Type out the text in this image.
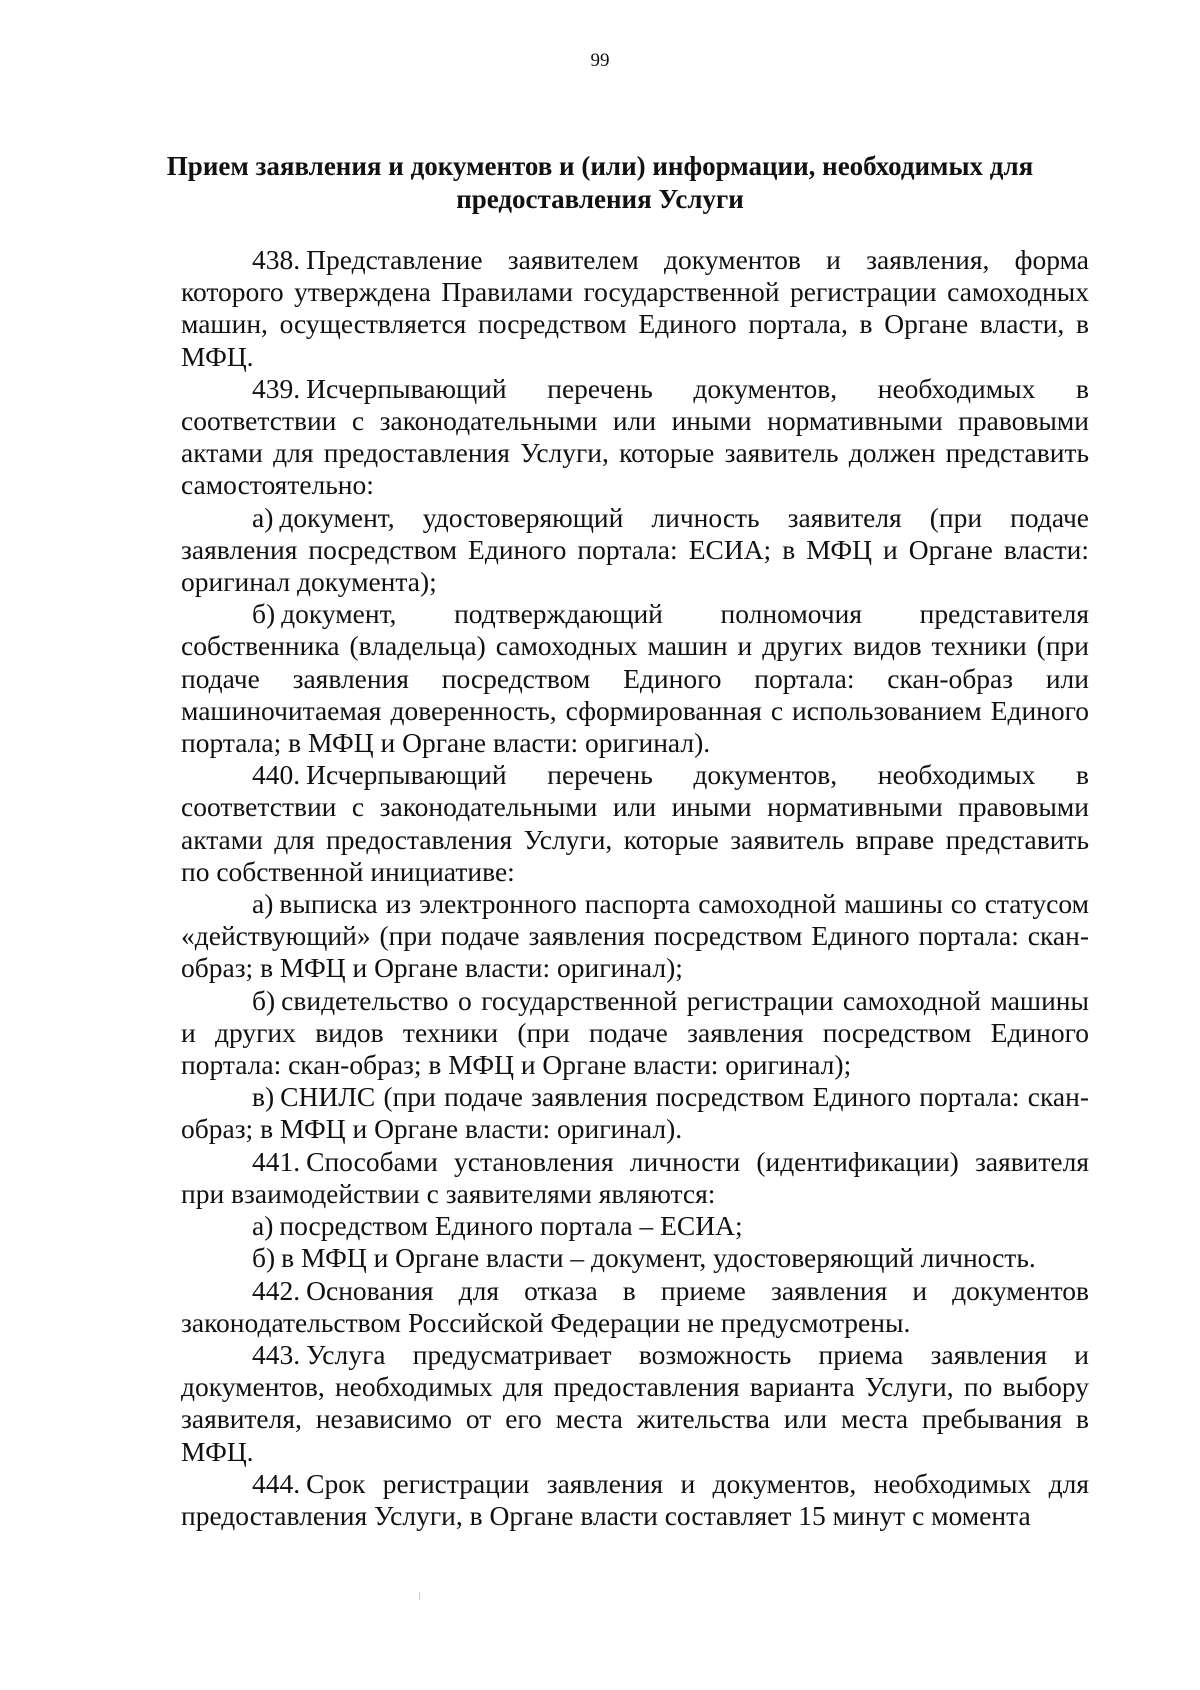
99
Прием заявления и документов и (или) информации, необходимых для предоставления Услуги

438. Представление заявителем документов и заявления, форма которого утверждена Правилами государственной регистрации самоходных машин, осуществляется посредством Единого портала, в Органе власти, в МФЦ.

439. Исчерпывающий перечень документов, необходимых в соответствии с законодательными или иными нормативными правовыми актами для предоставления Услуги, которые заявитель должен представить самостоятельно:

а) документ, удостоверяющий личность заявителя (при подаче заявления посредством Единого портала: ЕСИА; в МФЦ и Органе власти: оригинал документа);

б) документ, подтверждающий полномочия представителя собственника (владельца) самоходных машин и других видов техники (при подаче заявления посредством Единого портала: скан-образ или машиночитаемая доверенность, сформированная с использованием Единого портала; в МФЦ и Органе власти: оригинал).

440. Исчерпывающий перечень документов, необходимых в соответствии с законодательными или иными нормативными правовыми актами для предоставления Услуги, которые заявитель вправе представить по собственной инициативе:

а) выписка из электронного паспорта самоходной машины со статусом «действующий» (при подаче заявления посредством Единого портала: скан-образ; в МФЦ и Органе власти: оригинал);

б) свидетельство о государственной регистрации самоходной машины и других видов техники (при подаче заявления посредством Единого портала: скан-образ; в МФЦ и Органе власти: оригинал);

в) СНИЛС (при подаче заявления посредством Единого портала: скан-образ; в МФЦ и Органе власти: оригинал).

441. Способами установления личности (идентификации) заявителя при взаимодействии с заявителями являются:

а) посредством Единого портала – ЕСИА;

б) в МФЦ и Органе власти – документ, удостоверяющий личность.

442. Основания для отказа в приеме заявления и документов законодательством Российской Федерации не предусмотрены.

443. Услуга предусматривает возможность приема заявления и документов, необходимых для предоставления варианта Услуги, по выбору заявителя, независимо от его места жительства или места пребывания в МФЦ.

444. Срок регистрации заявления и документов, необходимых для предоставления Услуги, в Органе власти составляет 15 минут с момента
